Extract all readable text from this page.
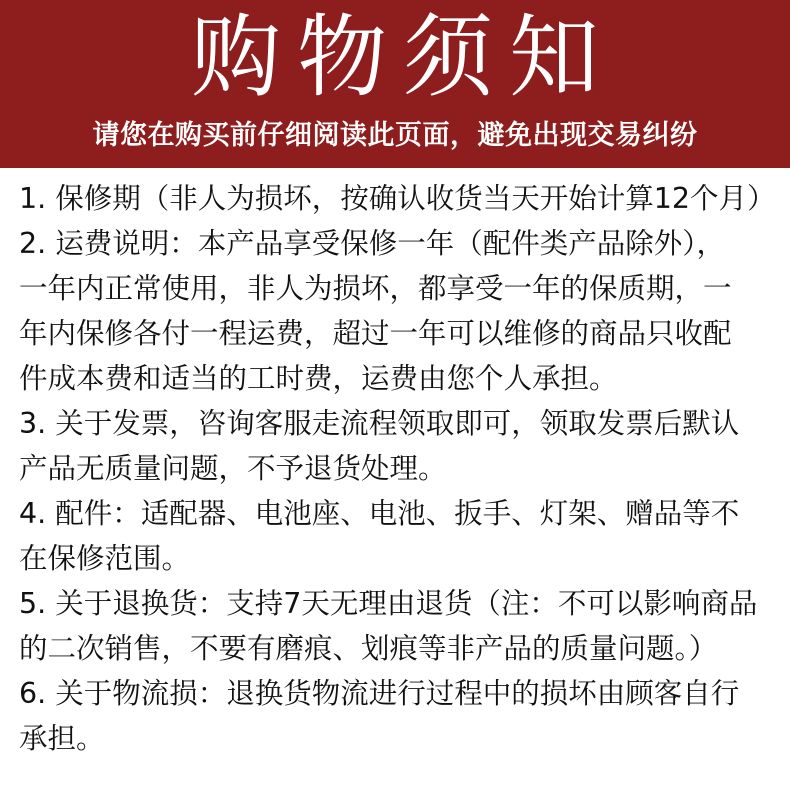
购物须知
请您在购买前仔细阅读此页面，避免出现交易纠纷
1. 保修期（非人为损坏，按确认收货当天开始计算12个月）
2. 运费说明：本产品享受保修一年（配件类产品除外），
一年内正常使用，非人为损坏，都享受一年的保质期，一
年内保修各付一程运费，超过一年可以维修的商品只收配
件成本费和适当的工时费，运费由您个人承担。
3. 关于发票，咨询客服走流程领取即可，领取发票后默认
产品无质量问题，不予退货处理。
4. 配件：适配器、电池座、电池、扳手、灯架、赠品等不
在保修范围。
5. 关于退换货：支持7天无理由退货（注：不可以影响商品
的二次销售，不要有磨痕、划痕等非产品的质量问题。）
6. 关于物流损：退换货物流进行过程中的损坏由顾客自行
承担。
